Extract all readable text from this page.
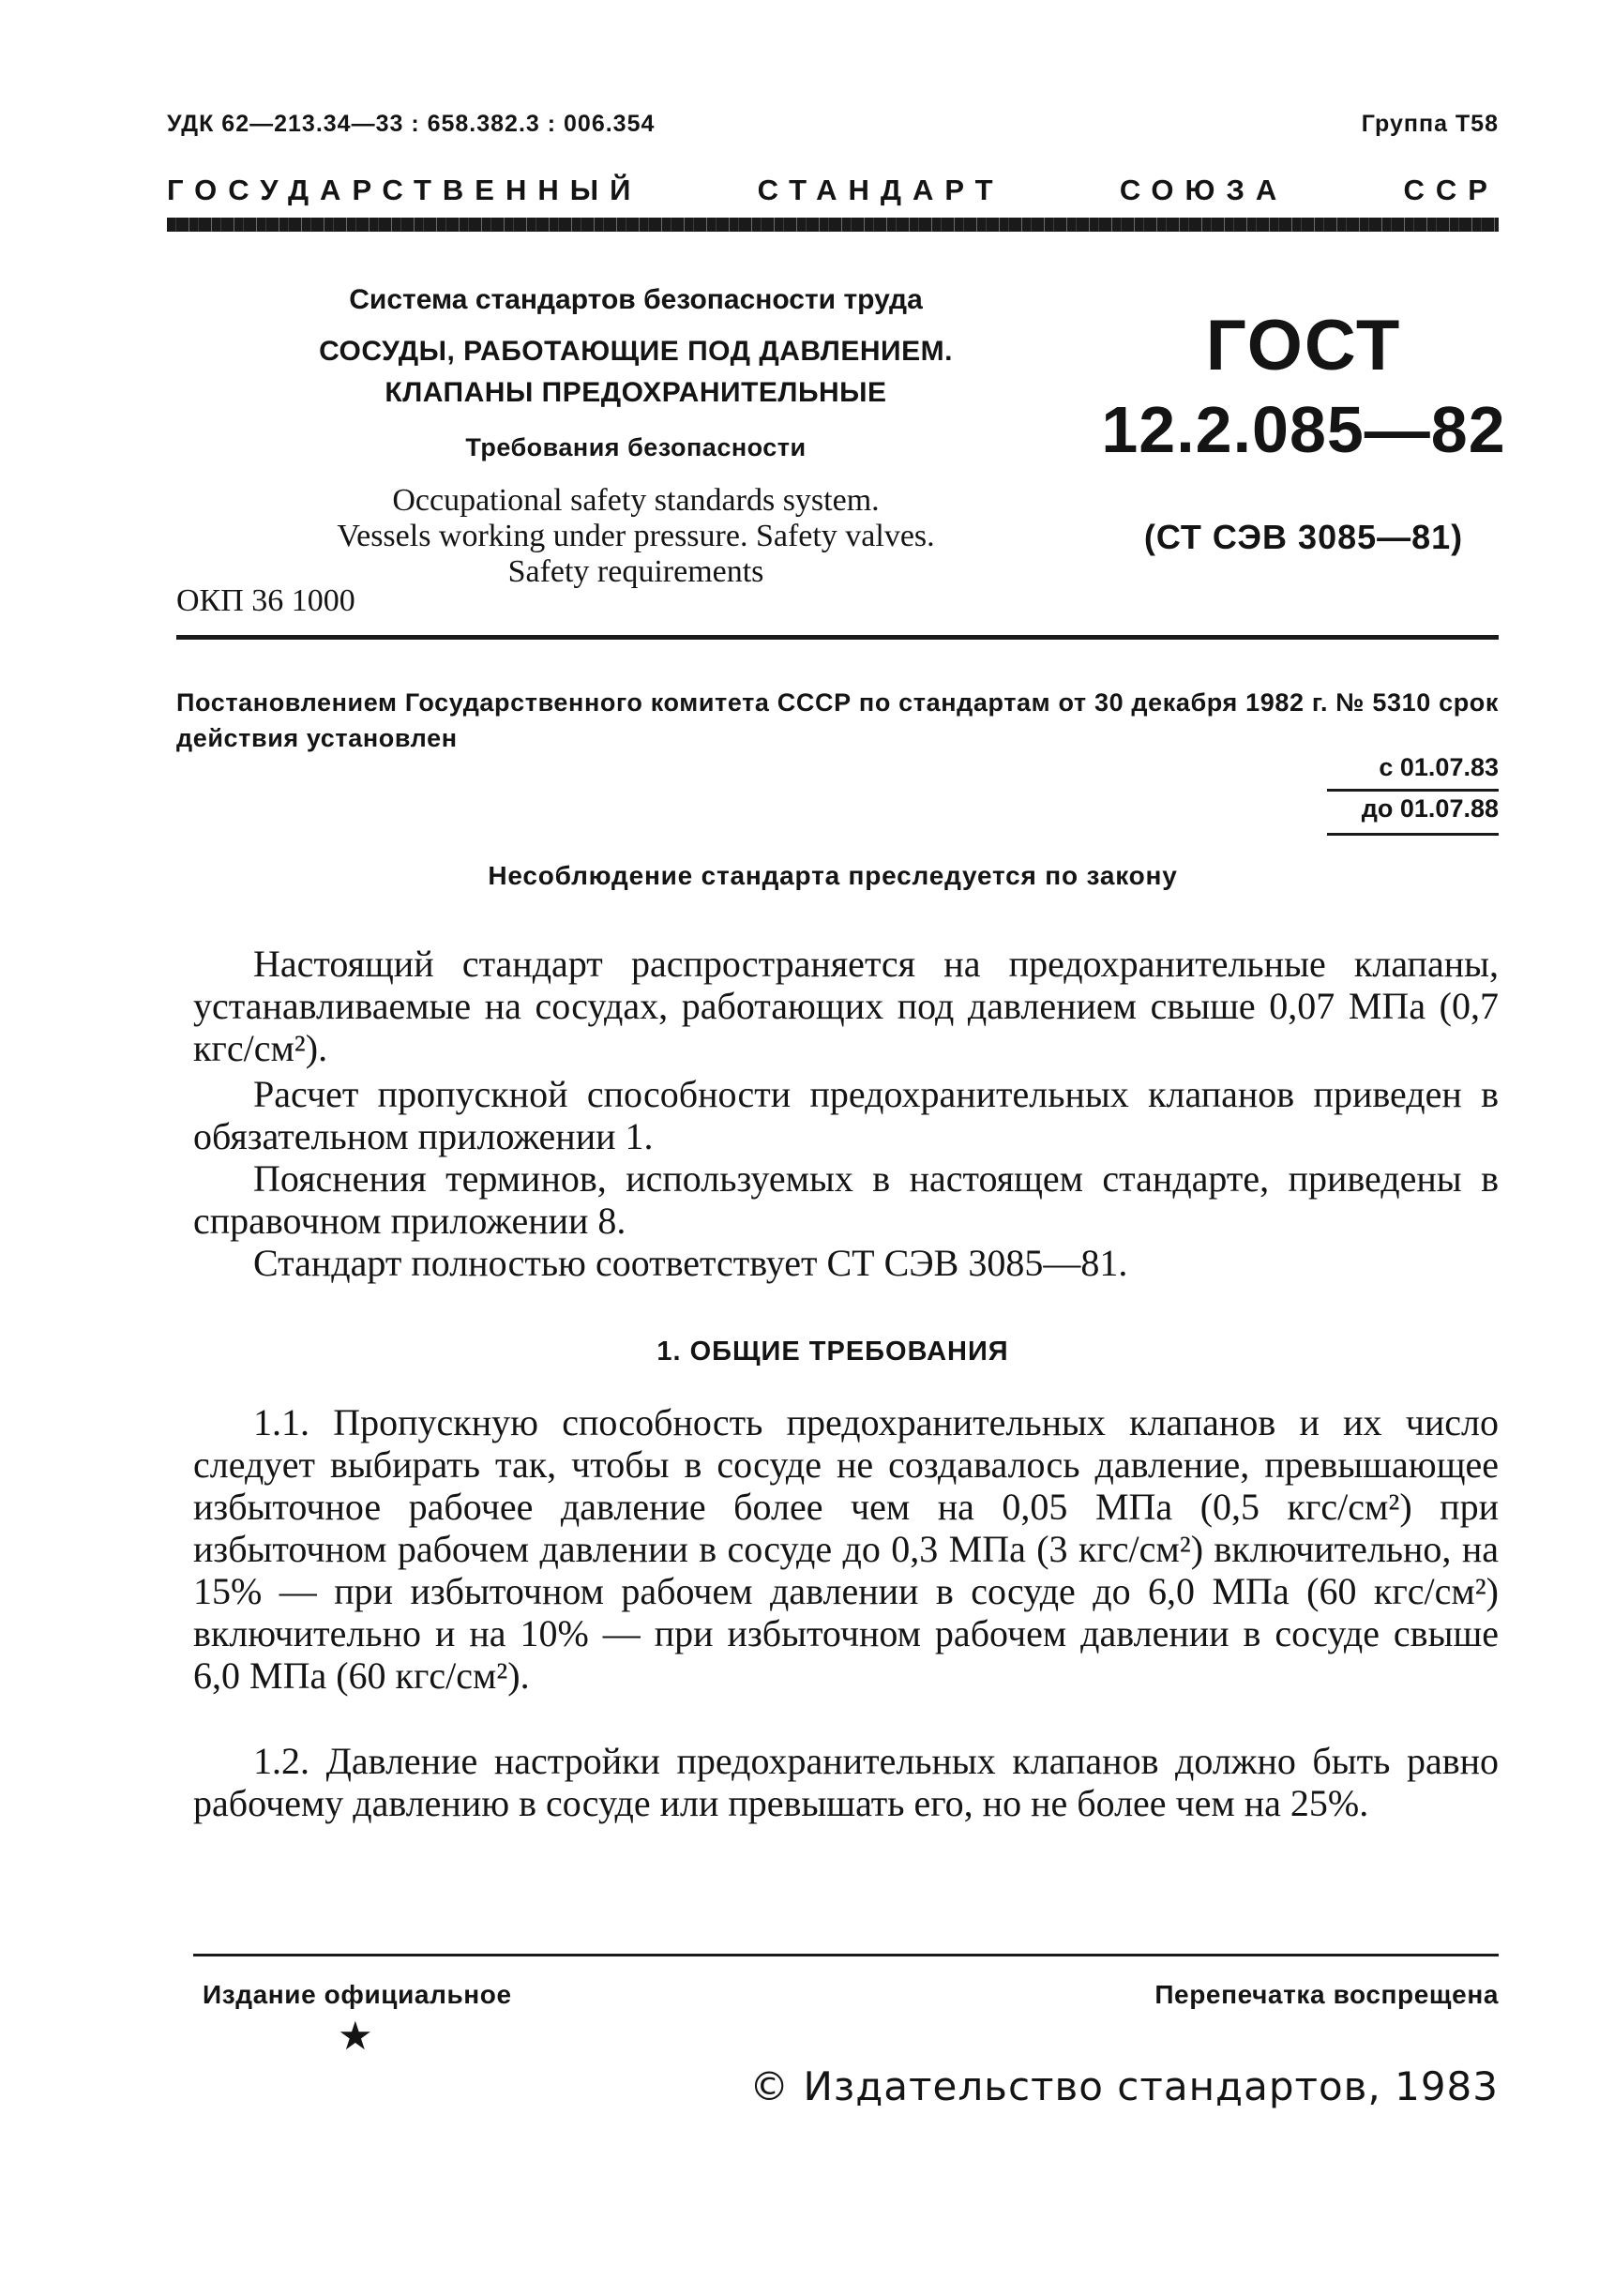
УДК 62—213.34—33 : 658.382.3 : 006.354	Группа Т58
ГОСУДАРСТВЕННЫЙ	СТАНДАРТ	СОЮЗА	ССР
Система стандартов безопасности труда
СОСУДЫ, РАБОТАЮЩИЕ ПОД ДАВЛЕНИЕМ.
КЛАПАНЫ ПРЕДОХРАНИТЕЛЬНЫЕ
Требования безопасности
Occupational safety standards system.
Vessels working under pressure. Safety valves.
Safety requirements
ОКП 36 1000
ГОСТ
12.2.085—82
(СТ СЭВ 3085—81)
Постановлением Государственного комитета СССР по стандартам от 30 декабря 1982 г. № 5310 срок действия установлен
с 01.07.83
до 01.07.88
Несоблюдение стандарта преследуется по закону
Настоящий стандарт распространяется на предохранительные клапаны, устанавливаемые на сосудах, работающих под давлением свыше 0,07 МПа (0,7 кгс/см²).
Расчет пропускной способности предохранительных клапанов приведен в обязательном приложении 1.
Пояснения терминов, используемых в настоящем стандарте, приведены в справочном приложении 8.
Стандарт полностью соответствует СТ СЭВ 3085—81.
1. ОБЩИЕ ТРЕБОВАНИЯ
1.1. Пропускную способность предохранительных клапанов и их число следует выбирать так, чтобы в сосуде не создавалось давление, превышающее избыточное рабочее давление более чем на 0,05 МПа (0,5 кгс/см²) при избыточном рабочем давлении в сосуде до 0,3 МПа (3 кгс/см²) включительно, на 15% — при избыточном рабочем давлении в сосуде до 6,0 МПа (60 кгс/см²) включительно и на 10% — при избыточном рабочем давлении в сосуде свыше 6,0 МПа (60 кгс/см²).
1.2. Давление настройки предохранительных клапанов должно быть равно рабочему давлению в сосуде или превышать его, но не более чем на 25%.
Издание официальное	Перепечатка воспрещена
★
© Издательство стандартов, 1983
